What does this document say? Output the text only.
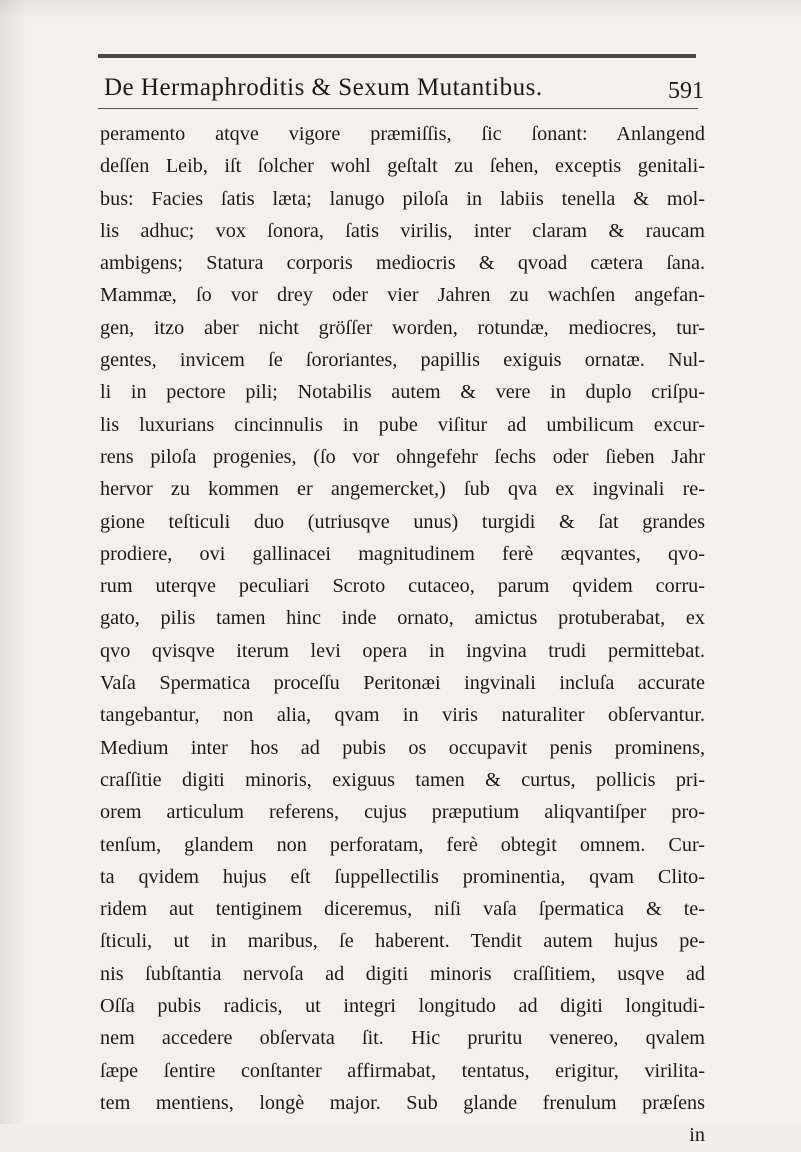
De Hermaphroditis & Sexum Mutantibus.	591
peramento atqve vigore præmiſſis, ſic ſonant: Anlangend
deſſen Leib, iſt ſolcher wohl geſtalt zu ſehen, exceptis genitali-
bus: Facies ſatis læta; lanugo piloſa in labiis tenella & mol-
lis adhuc; vox ſonora, ſatis virilis, inter claram & raucam
ambigens; Statura corporis mediocris & qvoad cætera ſana.
Mammæ, ſo vor drey oder vier Jahren zu wachſen angefan-
gen, itzo aber nicht gröſſer worden, rotundæ, mediocres, tur-
gentes, invicem ſe ſororiantes, papillis exiguis ornatæ. Nul-
li in pectore pili; Notabilis autem & vere in duplo criſpu-
lis luxurians cincinnulis in pube viſitur ad umbilicum excur-
rens piloſa progenies, (ſo vor ohngefehr ſechs oder ſieben Jahr
hervor zu kommen er angemercket,) ſub qva ex ingvinali re-
gione teſticuli duo (utriusqve unus) turgidi & ſat grandes
prodiere, ovi gallinacei magnitudinem ferè æqvantes, qvo-
rum uterqve peculiari Scroto cutaceo, parum qvidem corru-
gato, pilis tamen hinc inde ornato, amictus protuberabat, ex
qvo qvisqve iterum levi opera in ingvina trudi permittebat.
Vaſa Spermatica proceſſu Peritonæi ingvinali incluſa accurate
tangebantur, non alia, qvam in viris naturaliter obſervantur.
Medium inter hos ad pubis os occupavit penis prominens,
craſſitie digiti minoris, exiguus tamen & curtus, pollicis pri-
orem articulum referens, cujus præputium aliqvantiſper pro-
tenſum, glandem non perforatam, ferè obtegit omnem. Cur-
ta qvidem hujus eſt ſuppellectilis prominentia, qvam Clito-
ridem aut tentiginem diceremus, niſi vaſa ſpermatica & te-
ſticuli, ut in maribus, ſe haberent. Tendit autem hujus pe-
nis ſubſtantia nervoſa ad digiti minoris craſſitiem, usqve ad
Oſſa pubis radicis, ut integri longitudo ad digiti longitudi-
nem accedere obſervata ſit. Hic pruritu venereo, qvalem
ſæpe ſentire conſtanter affirmabat, tentatus, erigitur, virilita-
tem mentiens, longè major. Sub glande frenulum præſens
in
